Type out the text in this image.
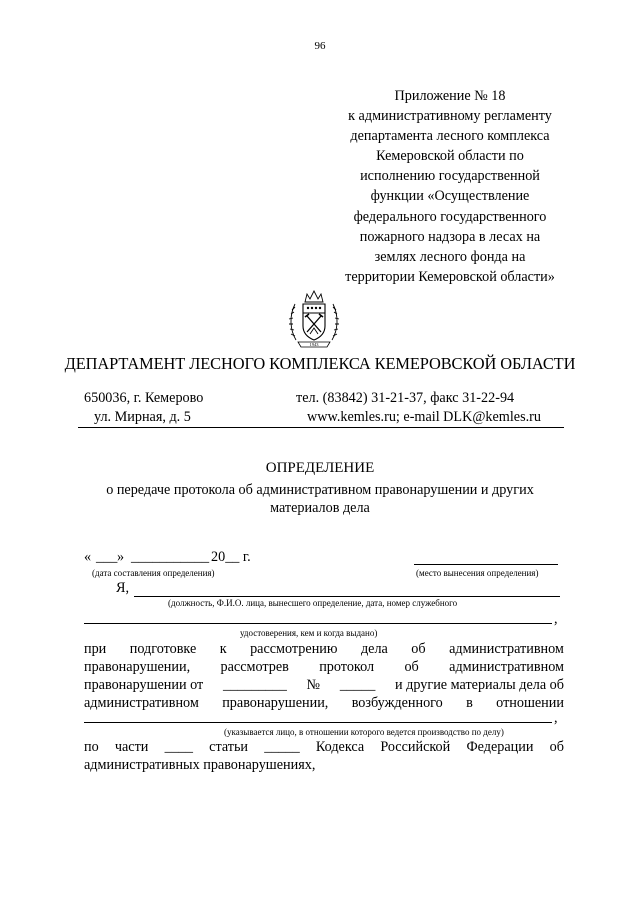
96
Приложение № 18
к административному регламенту
департамента лесного комплекса
Кемеровской области по
исполнению государственной
функции «Осуществление
федерального государственного
пожарного надзора в лесах на
землях лесного фонда на
территории Кемеровской области»
1943
ДЕПАРТАМЕНТ ЛЕСНОГО КОМПЛЕКСА КЕМЕРОВСКОЙ ОБЛАСТИ
650036, г. Кемерово
ул. Мирная, д. 5
тел. (83842) 31-21-37, факс 31-22-94
www.kemles.ru; e-mail DLK@kemles.ru
ОПРЕДЕЛЕНИЕ
о передаче протокола об административном правонарушении и других материалов дела
« ___ » ___________ 20__ г.
(дата составления определения)	(место вынесения определения)
Я,
(должность, Ф.И.О. лица, вынесшего определение, дата, номер служебного
,
удостоверения, кем и когда выдано)
при подготовке к рассмотрению дела об административном
правонарушении, рассмотрев протокол об административном
правонарушении от _________ № _____ и другие материалы дела об
административном правонарушении, возбужденного в отношении
,
(указывается лицо, в отношении которого ведется производство по делу)
по части ____ статьи _____ Кодекса Российской Федерации об
административных правонарушениях,
